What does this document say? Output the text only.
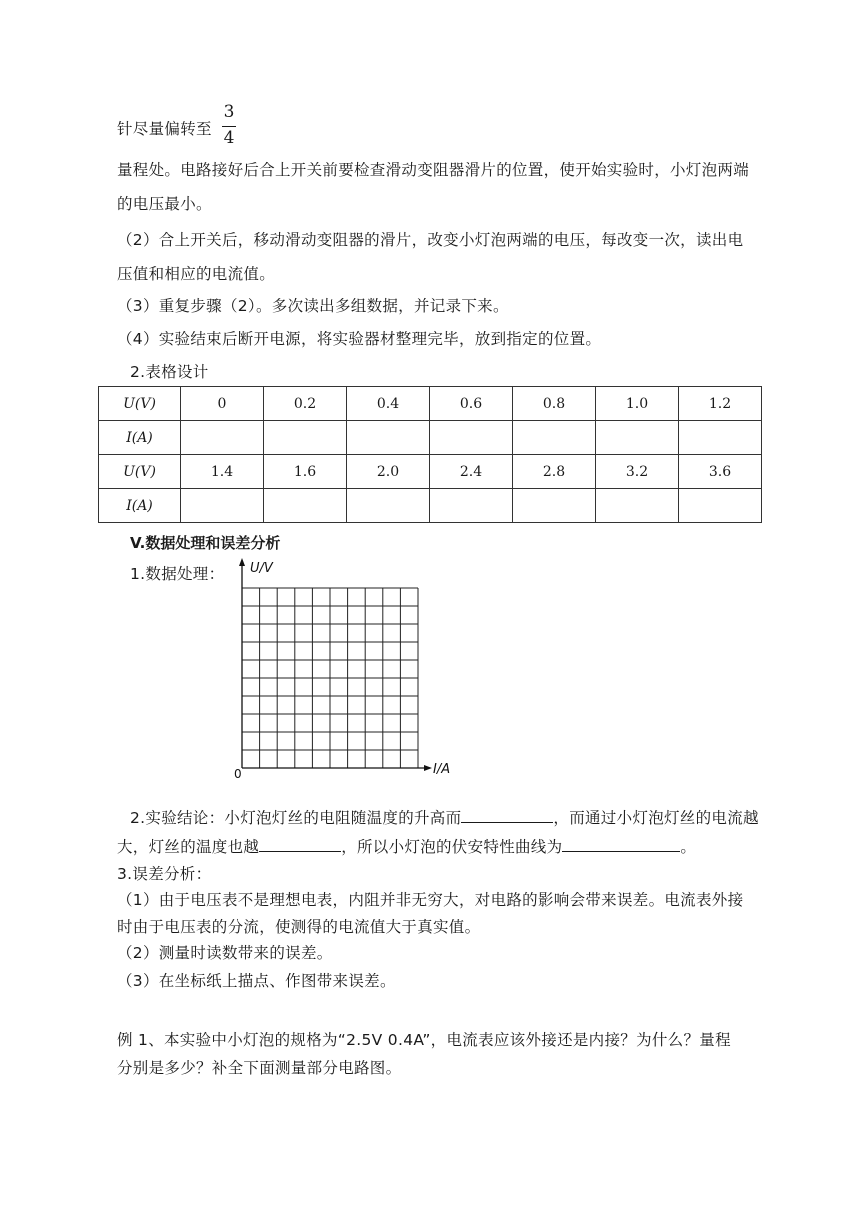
针尽量偏转至
3
4
量程处。电路接好后合上开关前要检查滑动变阻器滑片的位置，使开始实验时，小灯泡两端
的电压最小。
（2）合上开关后，移动滑动变阻器的滑片，改变小灯泡两端的电压，每改变一次，读出电
压值和相应的电流值。
（3）重复步骤（2）。多次读出多组数据，并记录下来。
（4）实验结束后断开电源，将实验器材整理完毕，放到指定的位置。
2.表格设计
U(V)	0	0.2	0.4	0.6	0.8	1.0	1.2
I(A)							
U(V)	1.4	1.6	2.0	2.4	2.8	3.2	3.6
I(A)							
V.数据处理和误差分析
1.数据处理： U/V
I/A
0
2.实验结论：小灯泡灯丝的电阻随温度的升高而	，而通过小灯泡灯丝的电流越
大，灯丝的温度也越	，所以小灯泡的伏安特性曲线为	。
3.误差分析：
（1）由于电压表不是理想电表，内阻并非无穷大，对电路的影响会带来误差。电流表外接
时由于电压表的分流，使测得的电流值大于真实值。
（2）测量时读数带来的误差。
（3）在坐标纸上描点、作图带来误差。
例 1、本实验中小灯泡的规格为“2.5V 0.4A”，电流表应该外接还是内接？为什么？量程
分别是多少？补全下面测量部分电路图。
